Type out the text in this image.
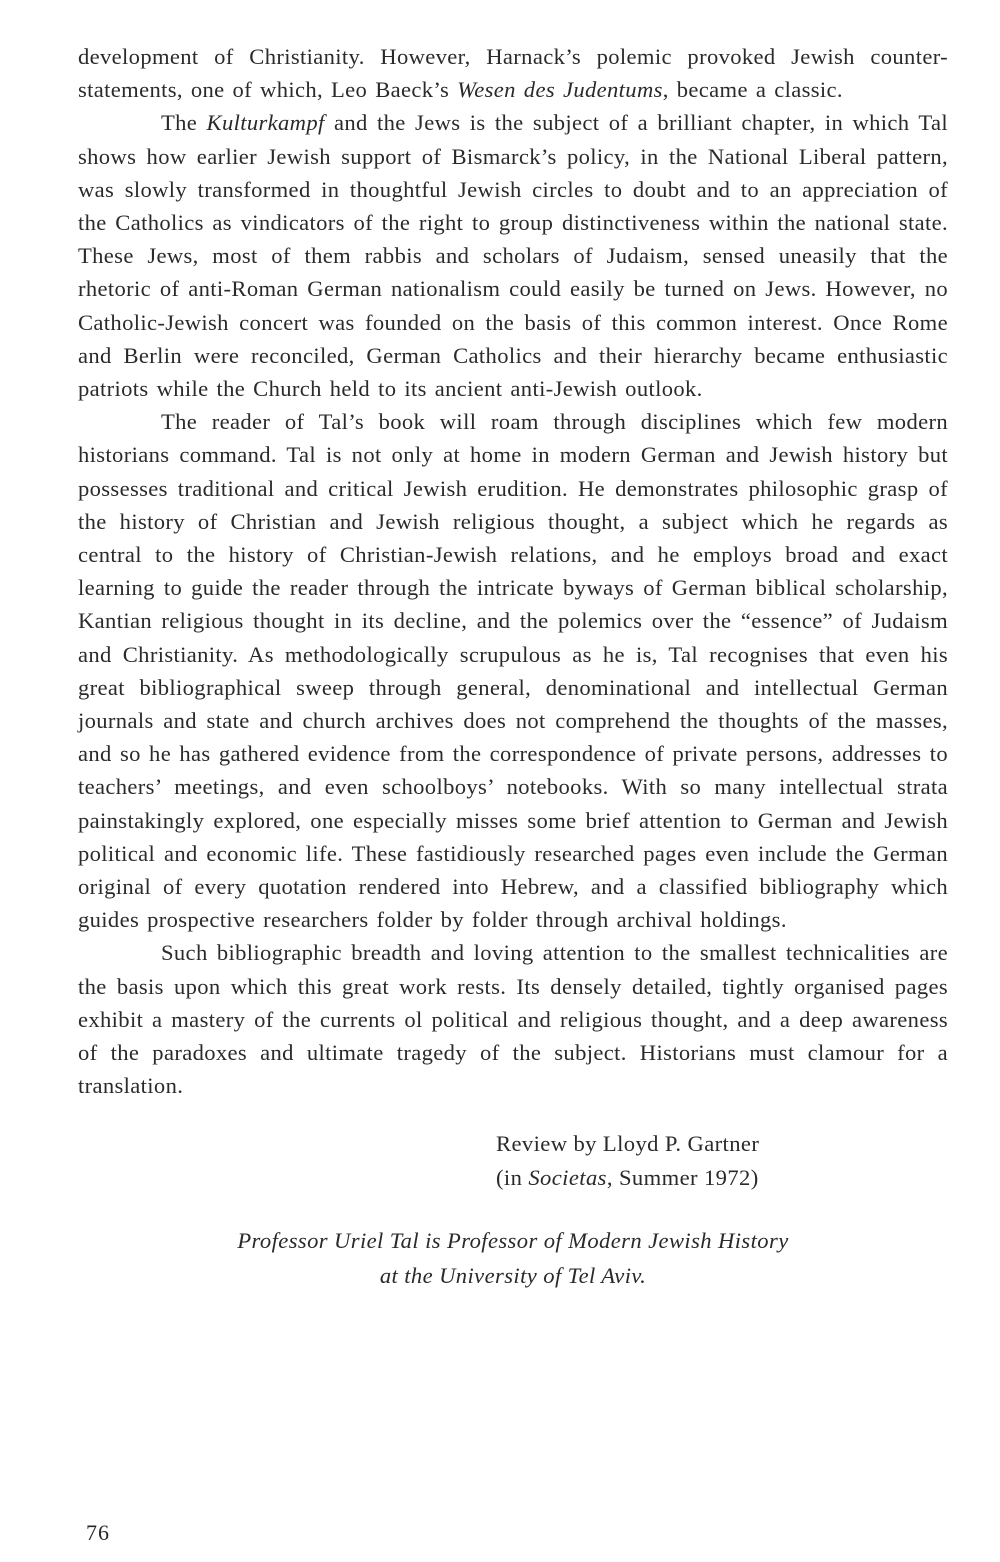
development of Christianity. However, Harnack’s polemic provoked Jewish counter-statements, one of which, Leo Baeck’s Wesen des Judentums, became a classic.

The Kulturkampf and the Jews is the subject of a brilliant chapter, in which Tal shows how earlier Jewish support of Bismarck’s policy, in the National Liberal pattern, was slowly transformed in thoughtful Jewish circles to doubt and to an appreciation of the Catholics as vindicators of the right to group distinctiveness within the national state. These Jews, most of them rabbis and scholars of Judaism, sensed uneasily that the rhetoric of anti-Roman German nationalism could easily be turned on Jews. However, no Catholic-Jewish concert was founded on the basis of this common interest. Once Rome and Berlin were reconciled, German Catholics and their hierarchy became enthusiastic patriots while the Church held to its ancient anti-Jewish outlook.

The reader of Tal’s book will roam through disciplines which few modern historians command. Tal is not only at home in modern German and Jewish history but possesses traditional and critical Jewish erudition. He demonstrates philosophic grasp of the history of Christian and Jewish religious thought, a subject which he regards as central to the history of Christian-Jewish relations, and he employs broad and exact learning to guide the reader through the intricate byways of German biblical scholarship, Kantian religious thought in its decline, and the polemics over the “essence” of Judaism and Christianity. As methodologically scrupulous as he is, Tal recognises that even his great bibliographical sweep through general, denominational and intellectual German journals and state and church archives does not comprehend the thoughts of the masses, and so he has gathered evidence from the correspondence of private persons, addresses to teachers’ meetings, and even schoolboys’ notebooks. With so many intellectual strata painstakingly explored, one especially misses some brief attention to German and Jewish political and economic life. These fastidiously researched pages even include the German original of every quotation rendered into Hebrew, and a classified bibliography which guides prospective researchers folder by folder through archival holdings.

Such bibliographic breadth and loving attention to the smallest technicalities are the basis upon which this great work rests. Its densely detailed, tightly organised pages exhibit a mastery of the currents ol political and religious thought, and a deep awareness of the paradoxes and ultimate tragedy of the subject. Historians must clamour for a translation.

Review by Lloyd P. Gartner
(in Societas, Summer 1972)
Professor Uriel Tal is Professor of Modern Jewish History
at the University of Tel Aviv.
76
